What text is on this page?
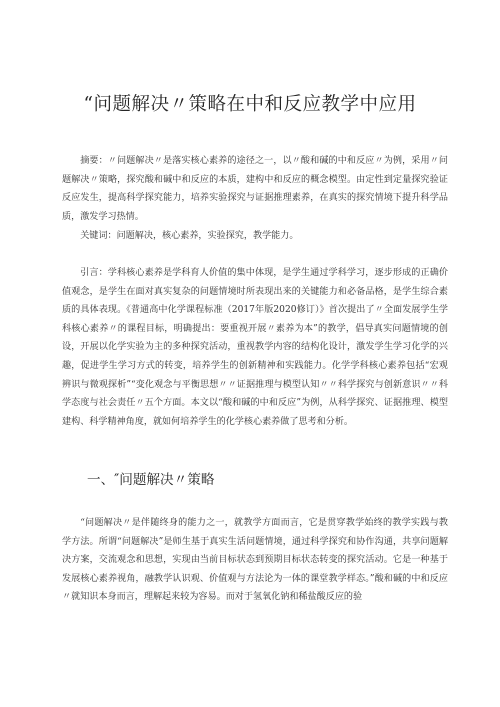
“问题解决〃策略在中和反应教学中应用

摘要：〃问题解决〃是落实核心素养的途径之一，以〃酸和碱的中和反应〃为例，采用〃问题解决〃策略，探究酸和碱中和反应的本质，建构中和反应的概念模型。由定性到定量探究验证反应发生，提高科学探究能力，培养实验探究与证据推理素养，在真实的探究情境下提升科学品质，激发学习热情。

关键词：问题解决，核心素养，实验探究，教学能力。

引言：学科核心素养是学科育人价值的集中体现，是学生通过学科学习，逐步形成的正确价值观念，是学生在面对真实复杂的问题情境时所表现出来的关键能力和必备品格，是学生综合素质的具体表现。《普通高中化学课程标准（2017年版2020修订）》首次提出了〃全面发展学生学科核心素养〃的课程目标，明确提出：要重视开展〃素养为本”的教学，倡导真实问题情境的创设，开展以化学实验为主的多种探究活动，重视教学内容的结构化设计，激发学生学习化学的兴趣，促进学生学习方式的转变，培养学生的创新精神和实践能力。化学学科核心素养包括“宏观辨识与微观探析”“变化观念与平衡思想〃〃证据推理与模型认知〃〃科学探究与创新意识〃〃科学态度与社会责任〃五个方面。本文以“酸和碱的中和反应”为例，从科学探究、证据推理、模型建构、科学精神角度，就如何培养学生的化学核心素养做了思考和分析。

一、″问题解决〃策略

“问题解决〃是伴随终身的能力之一，就教学方面而言，它是贯穿教学始终的教学实践与教学方法。所谓“问题解决”是师生基于真实生活问题情境，通过科学探究和协作沟通，共享问题解决方案，交流观念和思想，实现由当前目标状态到预期目标状态转变的探究活动。它是一种基于发展核心素养视角，融教学认识观、价值观与方法论为一体的课堂教学样态。”酸和碱的中和反应〃就知识本身而言，理解起来较为容易。而对于氢氧化钠和稀盐酸反应的验
